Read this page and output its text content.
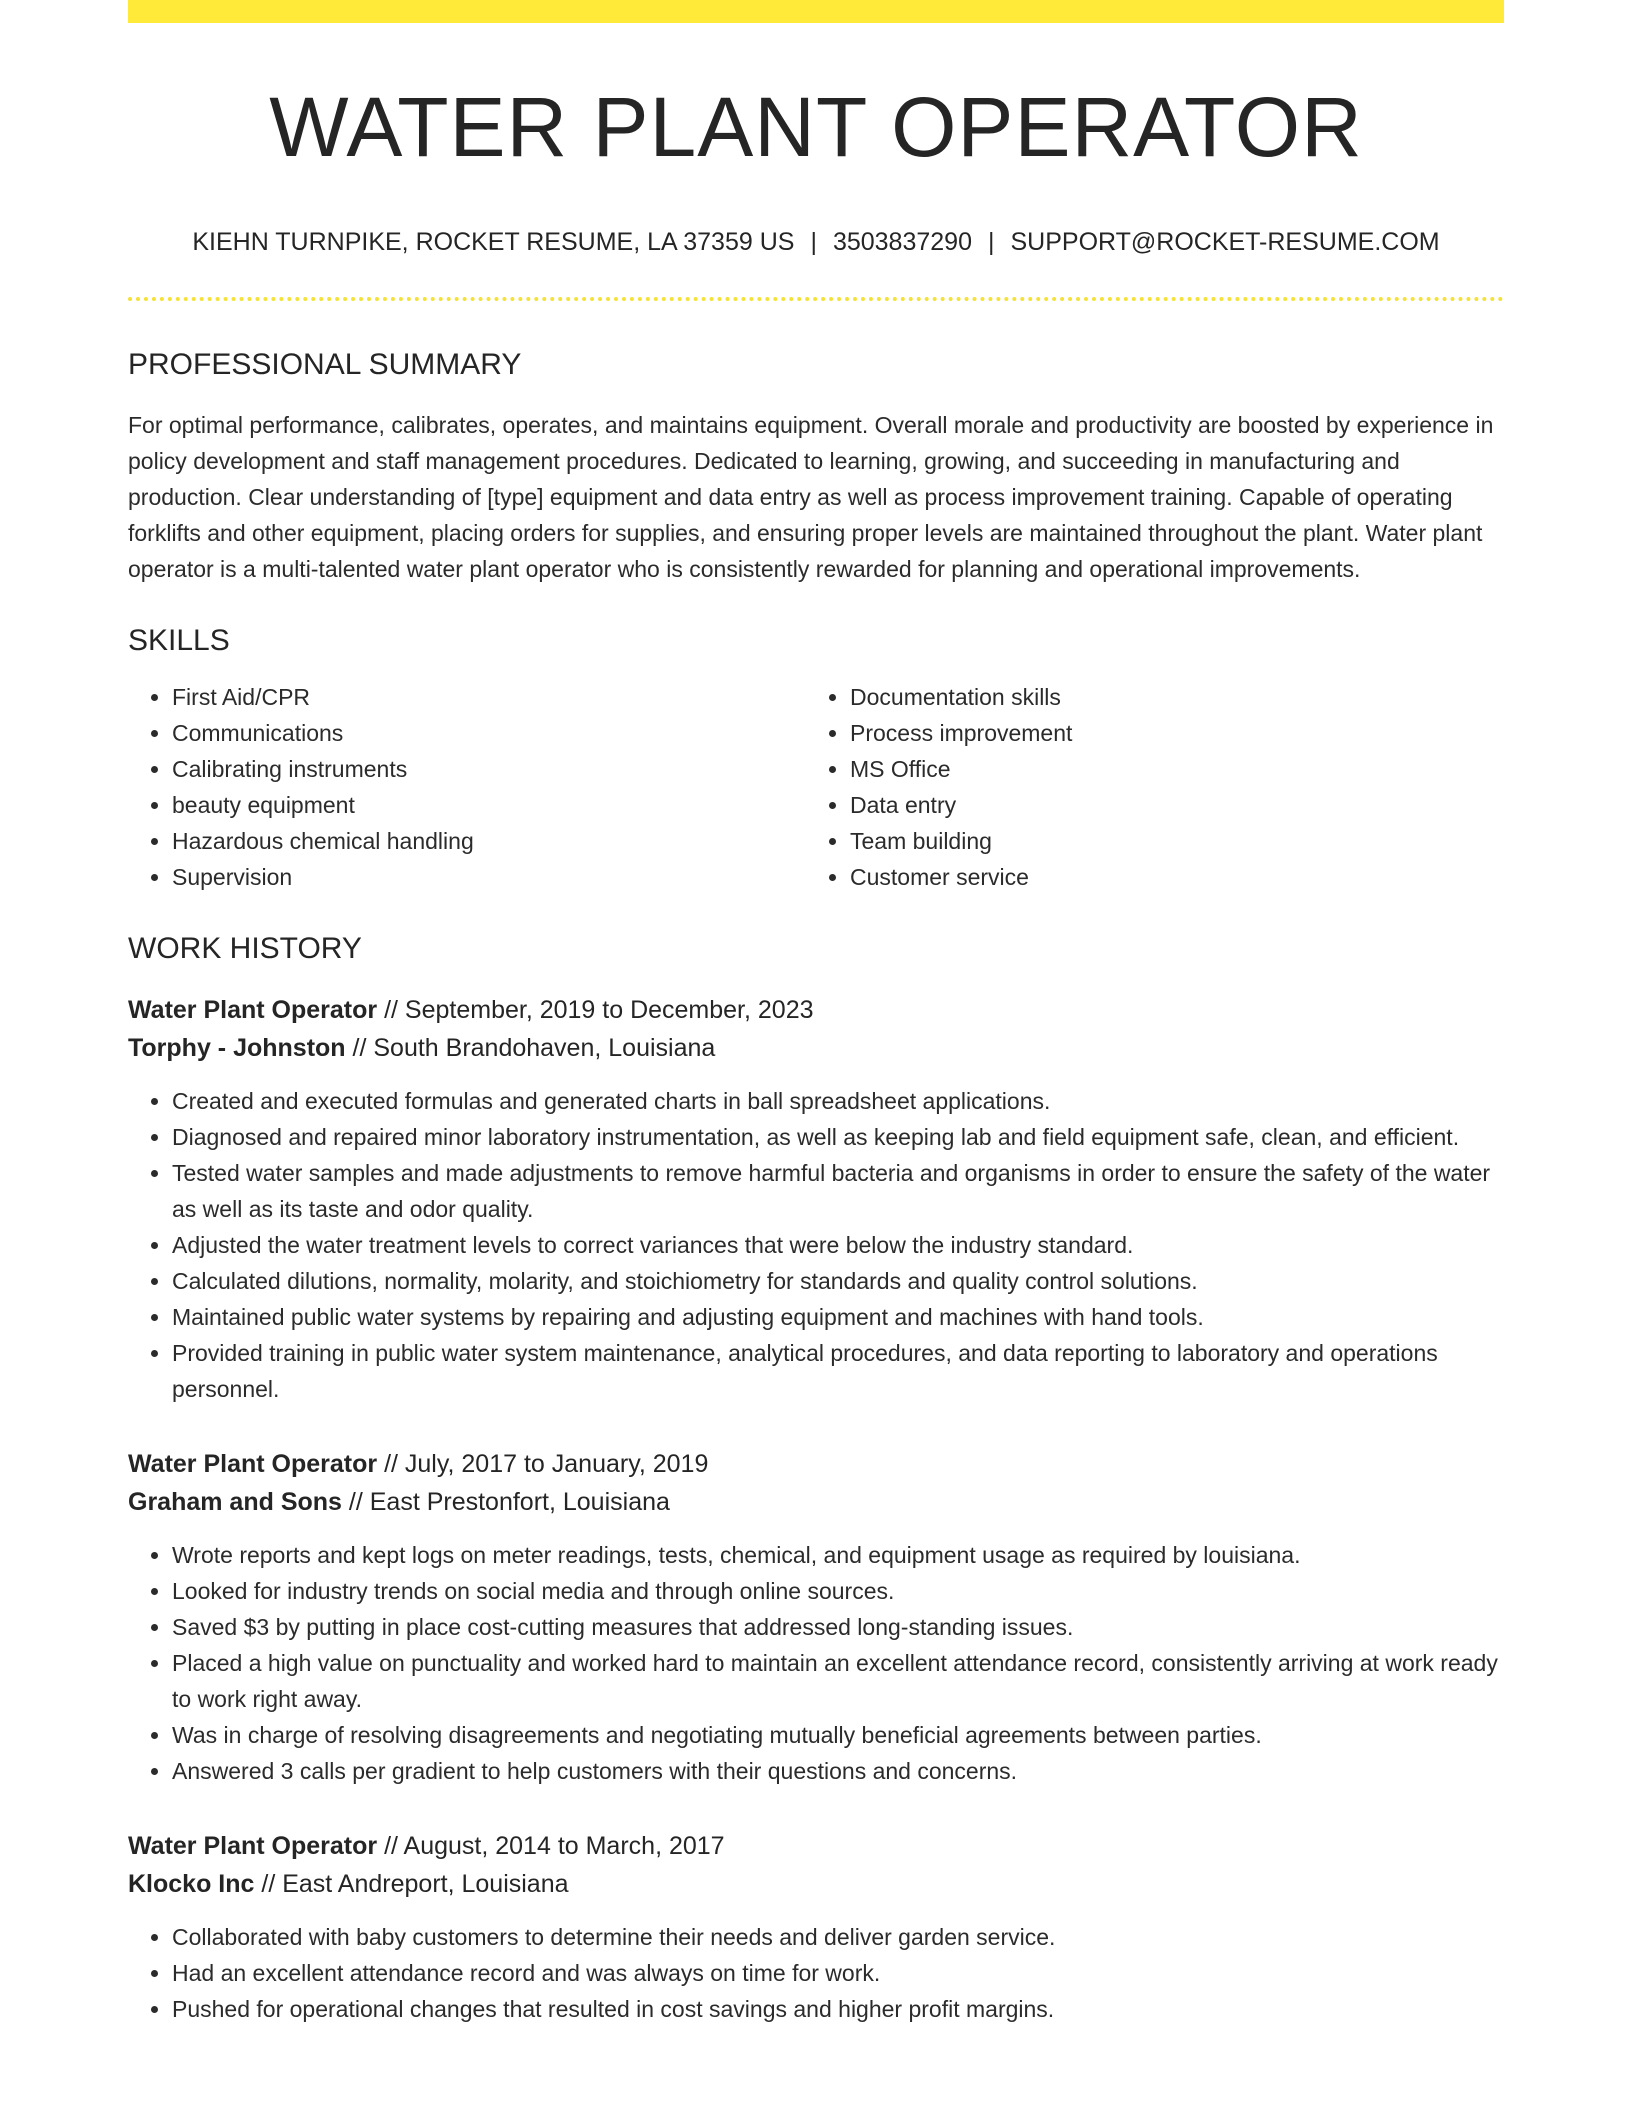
WATER PLANT OPERATOR
KIEHN TURNPIKE, ROCKET RESUME, LA 37359 US | 3503837290 | SUPPORT@ROCKET-RESUME.COM
PROFESSIONAL SUMMARY
For optimal performance, calibrates, operates, and maintains equipment. Overall morale and productivity are boosted by experience in policy development and staff management procedures. Dedicated to learning, growing, and succeeding in manufacturing and production. Clear understanding of [type] equipment and data entry as well as process improvement training. Capable of operating forklifts and other equipment, placing orders for supplies, and ensuring proper levels are maintained throughout the plant. Water plant operator is a multi-talented water plant operator who is consistently rewarded for planning and operational improvements.
SKILLS
• First Aid/CPR
• Communications
• Calibrating instruments
• beauty equipment
• Hazardous chemical handling
• Supervision
• Documentation skills
• Process improvement
• MS Office
• Data entry
• Team building
• Customer service
WORK HISTORY
Water Plant Operator // September, 2019 to December, 2023
Torphy - Johnston // South Brandohaven, Louisiana
• Created and executed formulas and generated charts in ball spreadsheet applications.
• Diagnosed and repaired minor laboratory instrumentation, as well as keeping lab and field equipment safe, clean, and efficient.
• Tested water samples and made adjustments to remove harmful bacteria and organisms in order to ensure the safety of the water as well as its taste and odor quality.
• Adjusted the water treatment levels to correct variances that were below the industry standard.
• Calculated dilutions, normality, molarity, and stoichiometry for standards and quality control solutions.
• Maintained public water systems by repairing and adjusting equipment and machines with hand tools.
• Provided training in public water system maintenance, analytical procedures, and data reporting to laboratory and operations personnel.
Water Plant Operator // July, 2017 to January, 2019
Graham and Sons // East Prestonfort, Louisiana
• Wrote reports and kept logs on meter readings, tests, chemical, and equipment usage as required by louisiana.
• Looked for industry trends on social media and through online sources.
• Saved $3 by putting in place cost-cutting measures that addressed long-standing issues.
• Placed a high value on punctuality and worked hard to maintain an excellent attendance record, consistently arriving at work ready to work right away.
• Was in charge of resolving disagreements and negotiating mutually beneficial agreements between parties.
• Answered 3 calls per gradient to help customers with their questions and concerns.
Water Plant Operator // August, 2014 to March, 2017
Klocko Inc // East Andreport, Louisiana
• Collaborated with baby customers to determine their needs and deliver garden service.
• Had an excellent attendance record and was always on time for work.
• Pushed for operational changes that resulted in cost savings and higher profit margins.
